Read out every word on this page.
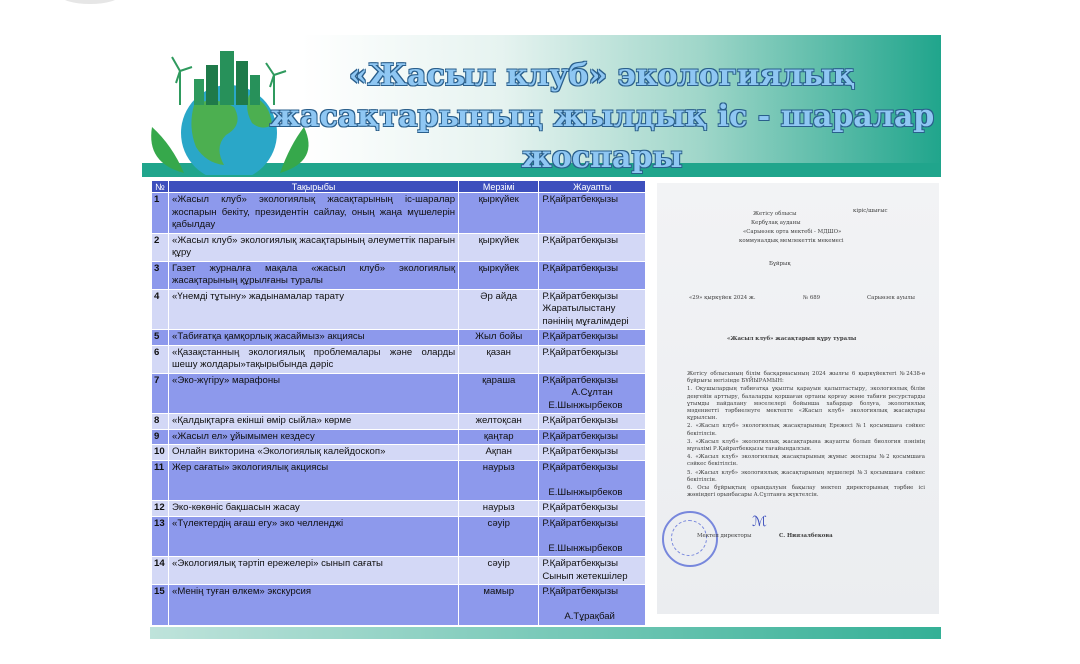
«Жасыл клуб» экологиялық
жасақтарының жылдық іс - шаралар
жоспары
№	Тақырыбы	Мерзімі	Жауапты
1	«Жасыл клуб» экологиялық жасақтарының іс-шаралар жоспарын бекіту, президентін сайлау, оның жаңа мүшелерін қабылдау	қыркүйек	Р.Қайратбекқызы

2	«Жасыл клуб» экологиялық жасақтарының әлеуметтік парағын құру	қыркүйек	Р.Қайратбекқызы

3	Газет журналға мақала «жасыл клуб» экологиялық жасақтарының құрылғаны туралы	қыркүйек	Р.Қайратбекқызы

4	«Үнемді тұтыну» жадынамалар тарату	Әр айда	Р.Қайратбекқызы
Жаратылыстану
пәнінің мұғалімдері

5	«Табиғатқа қамқорлық жасаймыз» акциясы	Жыл бойы	Р.Қайратбекқызы

6	«Қазақстанның экологиялық проблемалары және оларды шешу жолдары»тақырыбында дәріс	қазан	Р.Қайратбекқызы

7	«Эко-жүгіру» марафоны	қараша	Р.Қайратбекқызы
А.Сұлтан
Е.Шынжырбеков

8	«Қалдықтарға екінші өмір сыйла» көрме	желтоқсан	Р.Қайратбекқызы

9	«Жасыл ел» ұйымымен кездесу	қаңтар	Р.Қайратбекқызы

10	Онлайн викторина «Экологиялық калейдоскоп»	Ақпан	Р.Қайратбекқызы

11	Жер сағаты» экологиялық акциясы	наурыз	Р.Қайратбекқызы

Е.Шынжырбеков

12	Эко-көкөніс бақшасын жасау	наурыз	Р.Қайратбекқызы

13	«Түлектердің ағаш егу» эко челленджі	сәуір	Р.Қайратбекқызы

Е.Шынжырбеков

14	«Экологиялық тәртіп ережелері» сынып сағаты	сәуір	Р.Қайратбекқызы
Сынып жетекшілер

15	«Менің туған өлкем» экскурсия	мамыр	Р.Қайратбекқызы

А.Тұрақбай
Жетісу облысы	кіріс/шығыс
Кербұлақ ауданы
«Сарыөзек орта мектебі - МДШО»
коммуналдық мемлекеттік мекемесі
Бұйрық
«29» қыркүйек 2024 ж.	№ 689	Сарыөзек ауылы
«Жасыл клуб» жасақтарын құру туралы

Жетісу облысының білім басқармасының 2024 жылғы 6 қыркүйектегі №2438-ө бұйрығы негізінде БҰЙЫРАМЫН:

1. Оқушылардың табиғатқа ұқыпты қарауын қалыптастыру, экологиялық білім деңгейін арттыру, балаларды қоршаған ортаны қорғау және табиғи ресурстарды ұтымды пайдалану мәселелері бойынша хабардар болуға, экологиялық мәдениетті тәрбиелеуге мектепте «Жасыл клуб» экологиялық жасақтары құрылсын.

2. «Жасыл клуб» экологиялық жасақтарының Ережесі №1 қосымшаға сәйкес бекітілсін.

3. «Жасыл клуб» экологиялық жасақтарына жауапты болып биология пәнінің мұғалімі Р.Қайратбекқызы тағайындалсын.

4. «Жасыл клуб» экологиялық жасақтарының жұмыс жоспары №2 қосымшаға сәйкес бекітілсін.

5. «Жасыл клуб» экологиялық жасақтарының мүшелері №3 қосымшаға сәйкес бекітілсін.

6. Осы бұйрықтың орындалуын бақылау мектеп директорының тәрбие ісі жөніндегі орынбасары А.Сұлтанға жүктелсін.

Мектеп директоры
ℳ
С. Ниязалбекова
